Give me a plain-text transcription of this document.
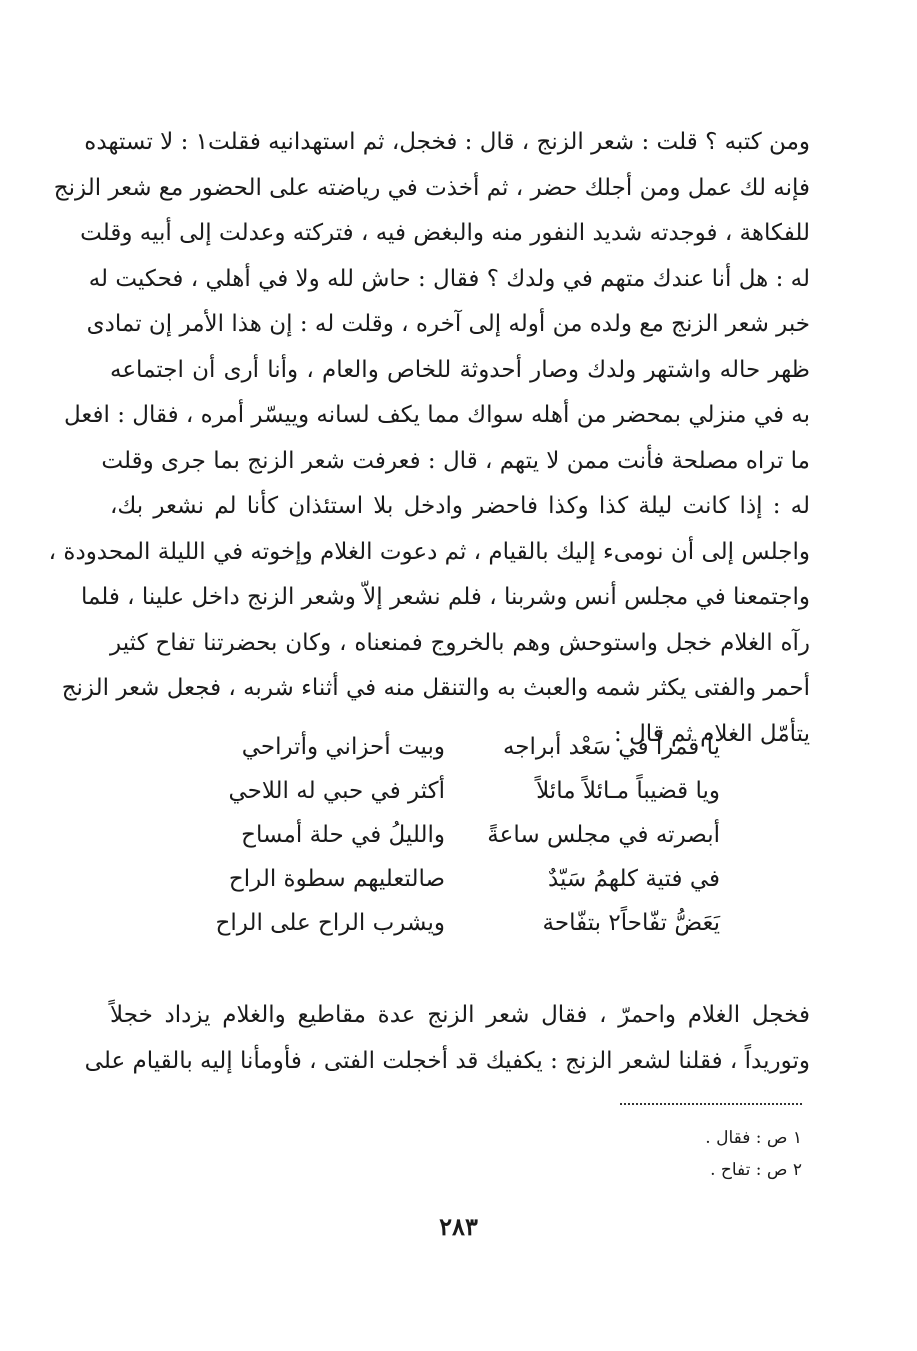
ومن كتبه ؟ قلت : شعر الزنج ، قال : فخجل، ثم استهدانيه فقلت١ : لا تستهده
فإنه لك عمل ومن أجلك حضر ، ثم أخذت في رياضته على الحضور مع شعر الزنج
للفكاهة ، فوجدته شديد النفور منه والبغض فيه ، فتركته وعدلت إلى أبيه وقلت
له : هل أنا عندك متهم في ولدك ؟ فقال : حاش لله ولا في أهلي ، فحكيت له
خبر شعر الزنج مع ولده من أوله إلى آخره ، وقلت له : إن هذا الأمر إن تمادى
ظهر حاله واشتهر ولدك وصار أحدوثة للخاص والعام ، وأنا أرى أن اجتماعه
به في منزلي بمحضر من أهله سواك مما يكف لسانه وييسّر أمره ، فقال : افعل
ما تراه مصلحة فأنت ممن لا يتهم ، قال : فعرفت شعر الزنج بما جرى وقلت
له : إذا كانت ليلة كذا وكذا فاحضر وادخل بلا استئذان كأنا لم نشعر بك،
واجلس إلى أن نومىء إليك بالقيام ، ثم دعوت الغلام وإخوته في الليلة المحدودة ،
واجتمعنا في مجلس أنس وشربنا ، فلم نشعر إلاّ وشعر الزنج داخل علينا ، فلما
رآه الغلام خجل واستوحش وهم بالخروج فمنعناه ، وكان بحضرتنا تفاح كثير
أحمر والفتى يكثر شمه والعبث به والتنقل منه في أثناء شربه ، فجعل شعر الزنج
يتأمّل الغلام ثم قال :
يا قمراً في سَعْد أبراجه
وبيت أحزاني وأتراحي
ويا قضيباً مـائلاً مائلاً
أكثر في حبي له اللاحي
أبصرته في مجلس ساعةً
والليلُ في حلة أمساح
في فتية كلهمُ سَيّدٌ
صالتعليهم سطوة الراح
يَعَضُّ تفّاحاً٢ بتفّاحة
ويشرب الراح على الراح
فخجل الغلام واحمرّ ، فقال شعر الزنج عدة مقاطيع والغلام يزداد خجلاً
وتوريداً ، فقلنا لشعر الزنج : يكفيك قد أخجلت الفتى ، فأومأنا إليه بالقيام على
١ ص : فقال .
٢ ص : تفاح .
٢٨٣
